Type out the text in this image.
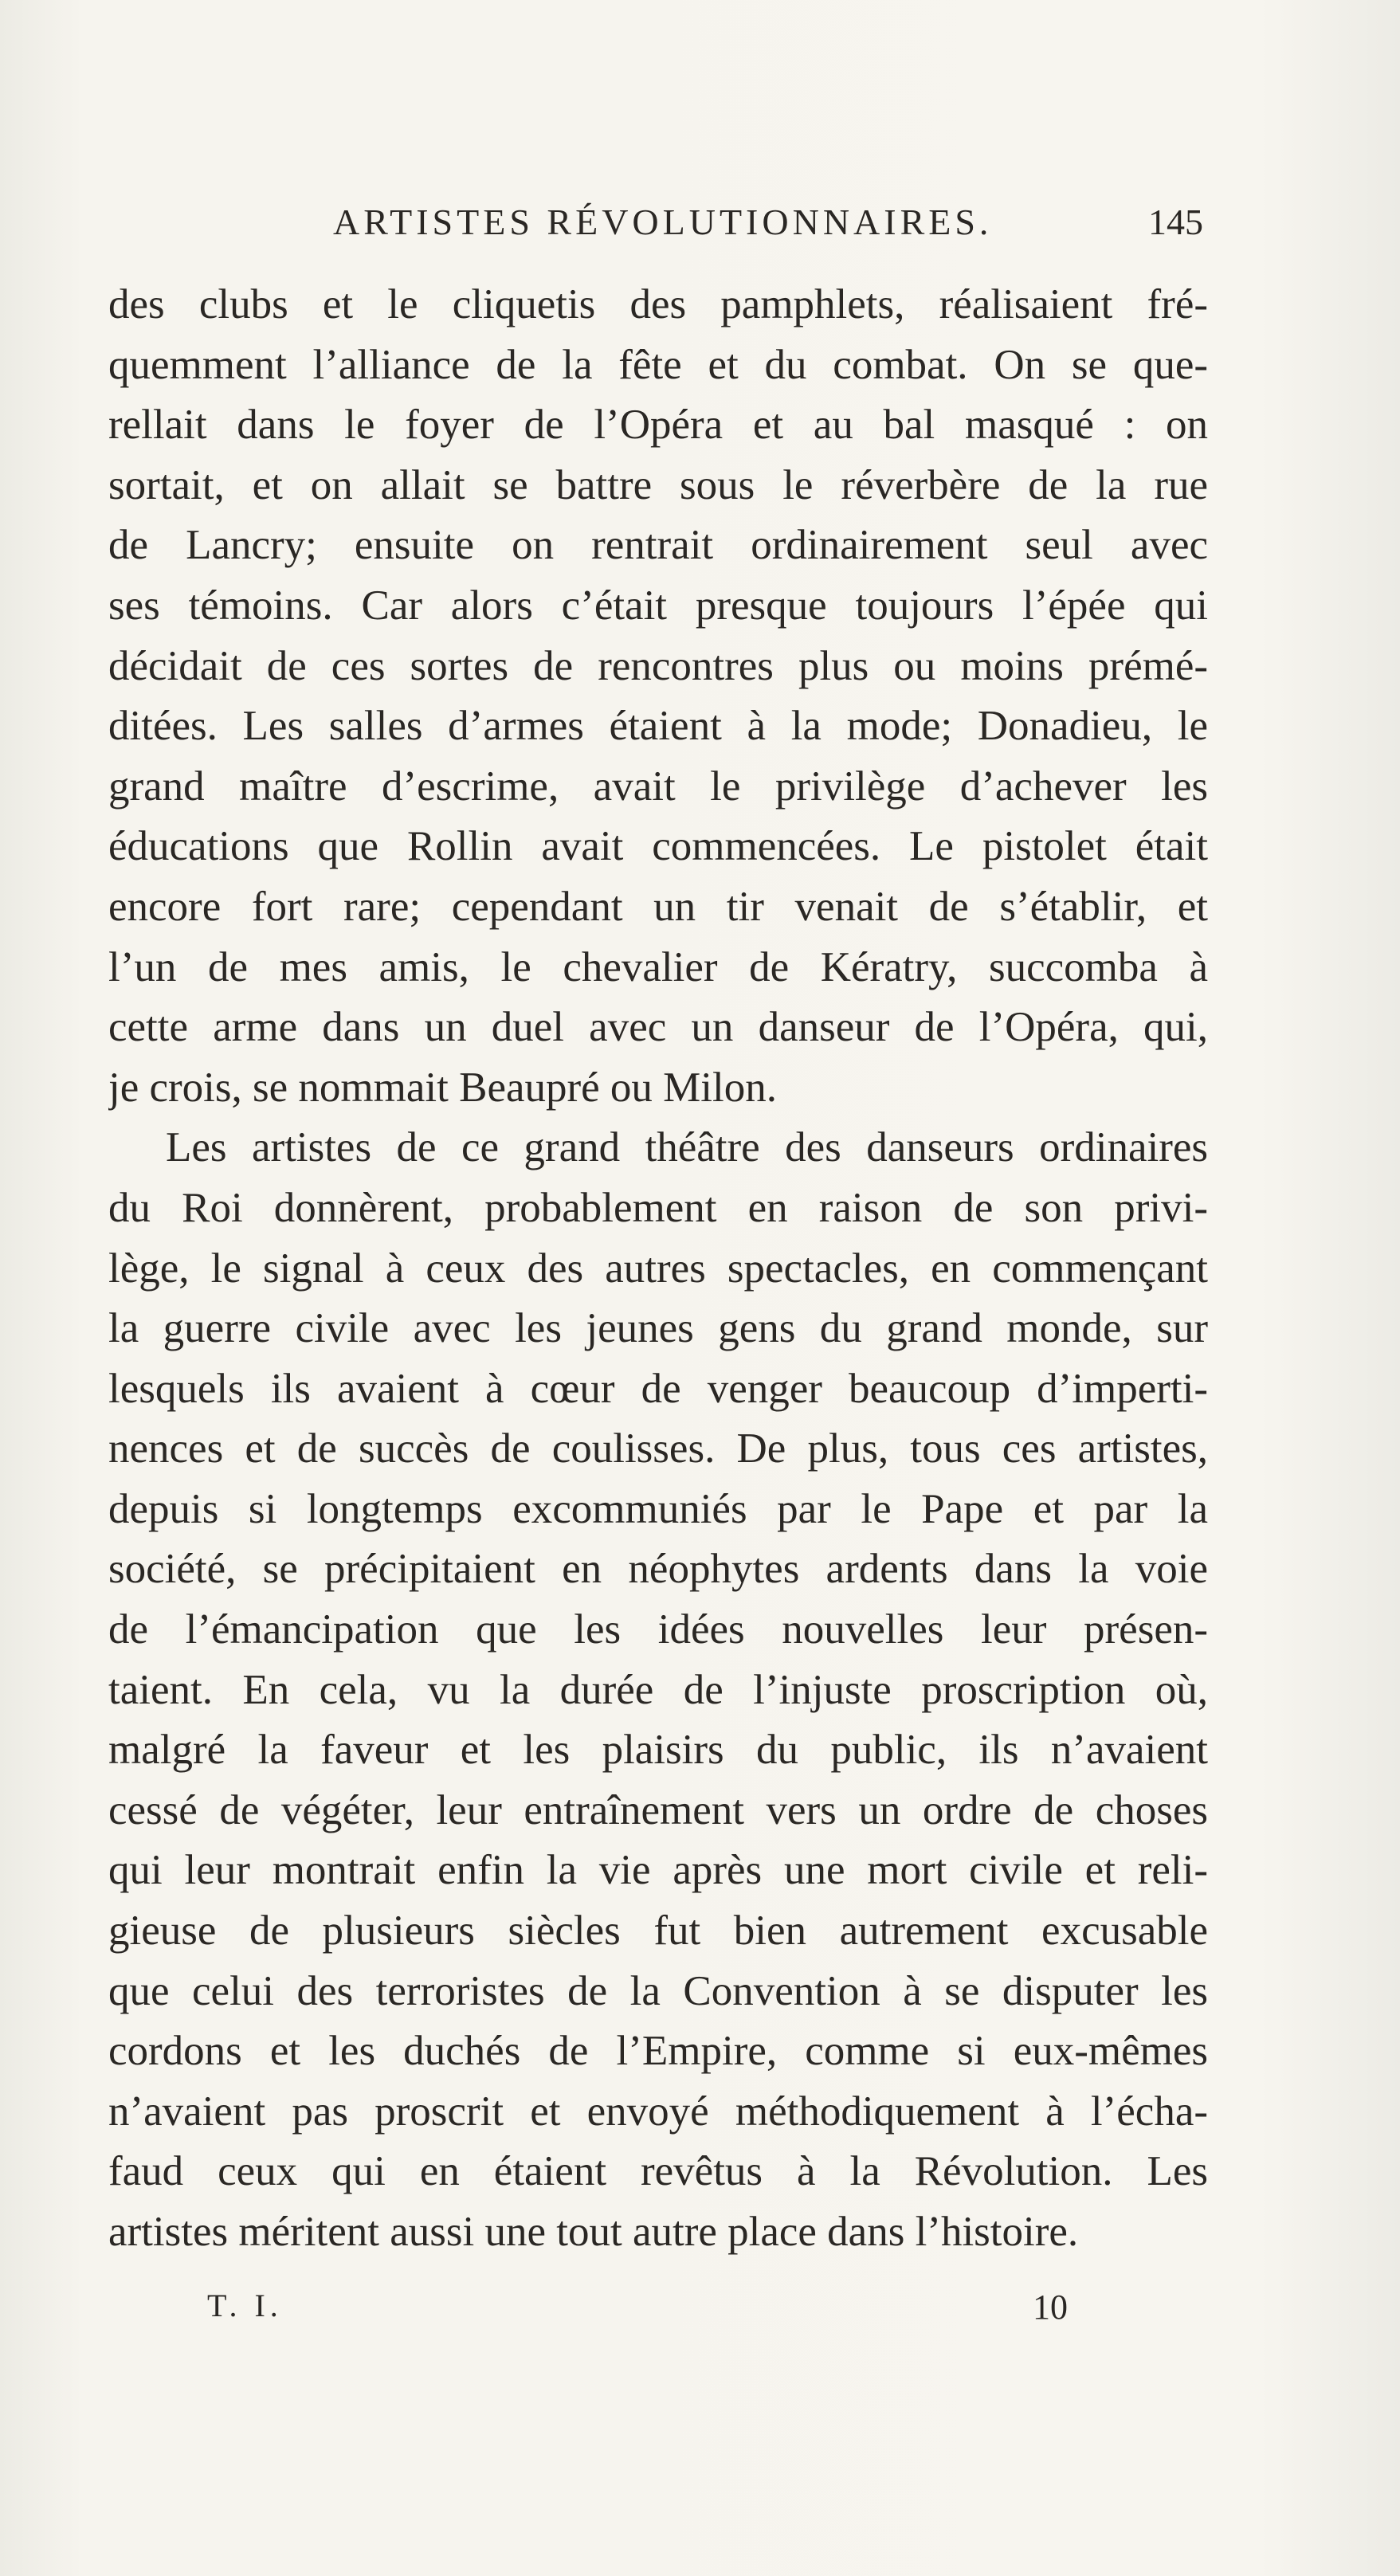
ARTISTES RÉVOLUTIONNAIRES.	145
des clubs et le cliquetis des pamphlets, réalisaient fré-
quemment l’alliance de la fête et du combat. On se que-
rellait dans le foyer de l’Opéra et au bal masqué : on
sortait, et on allait se battre sous le réverbère de la rue
de Lancry; ensuite on rentrait ordinairement seul avec
ses témoins. Car alors c’était presque toujours l’épée qui
décidait de ces sortes de rencontres plus ou moins prémé-
ditées. Les salles d’armes étaient à la mode; Donadieu, le
grand maître d’escrime, avait le privilège d’achever les
éducations que Rollin avait commencées. Le pistolet était
encore fort rare; cependant un tir venait de s’établir, et
l’un de mes amis, le chevalier de Kératry, succomba à
cette arme dans un duel avec un danseur de l’Opéra, qui,
je crois, se nommait Beaupré ou Milon.
Les artistes de ce grand théâtre des danseurs ordinaires
du Roi donnèrent, probablement en raison de son privi-
lège, le signal à ceux des autres spectacles, en commençant
la guerre civile avec les jeunes gens du grand monde, sur
lesquels ils avaient à cœur de venger beaucoup d’imperti-
nences et de succès de coulisses. De plus, tous ces artistes,
depuis si longtemps excommuniés par le Pape et par la
société, se précipitaient en néophytes ardents dans la voie
de l’émancipation que les idées nouvelles leur présen-
taient. En cela, vu la durée de l’injuste proscription où,
malgré la faveur et les plaisirs du public, ils n’avaient
cessé de végéter, leur entraînement vers un ordre de choses
qui leur montrait enfin la vie après une mort civile et reli-
gieuse de plusieurs siècles fut bien autrement excusable
que celui des terroristes de la Convention à se disputer les
cordons et les duchés de l’Empire, comme si eux-mêmes
n’avaient pas proscrit et envoyé méthodiquement à l’écha-
faud ceux qui en étaient revêtus à la Révolution. Les
artistes méritent aussi une tout autre place dans l’histoire.
T. I.	10
